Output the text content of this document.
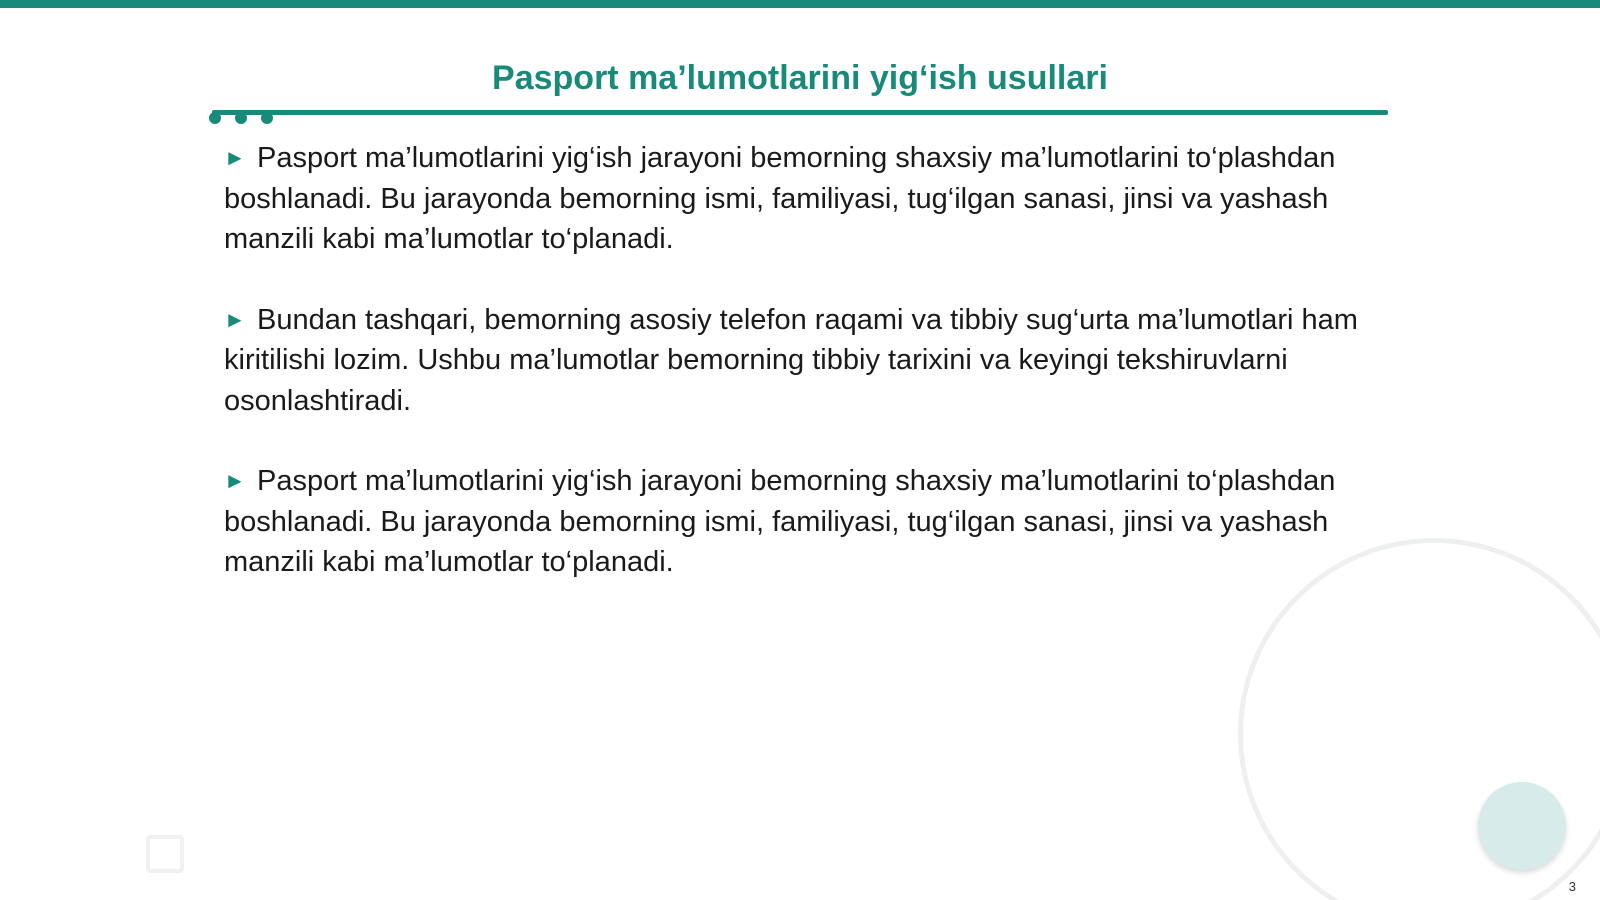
Pasport ma’lumotlarini yig‘ish usullari

► Pasport ma’lumotlarini yig‘ish jarayoni bemorning shaxsiy ma’lumotlarini to‘plashdan boshlanadi. Bu jarayonda bemorning ismi, familiyasi, tug‘ilgan sanasi, jinsi va yashash manzili kabi ma’lumotlar to‘planadi.

► Bundan tashqari, bemorning asosiy telefon raqami va tibbiy sug‘urta ma’lumotlari ham kiritilishi lozim. Ushbu ma’lumotlar bemorning tibbiy tarixini va keyingi tekshiruvlarni osonlashtiradi.

► Pasport ma’lumotlarini yig‘ish jarayoni bemorning shaxsiy ma’lumotlarini to‘plashdan boshlanadi. Bu jarayonda bemorning ismi, familiyasi, tug‘ilgan sanasi, jinsi va yashash manzili kabi ma’lumotlar to‘planadi.

3
